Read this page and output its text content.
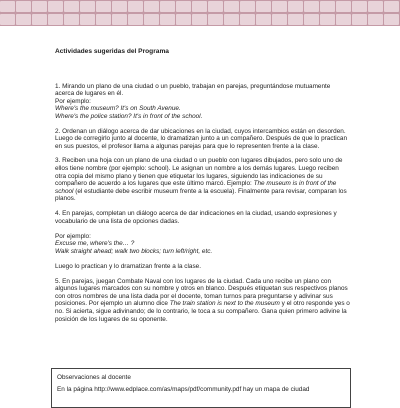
Actividades sugeridas del Programa

1. Mirando un plano de una ciudad o un pueblo, trabajan en parejas, preguntándose mutuamente acerca de lugares en él.
Por ejemplo:
Where's the museum? It's on South Avenue.
Where's the police station? It's in front of the school.

2. Ordenan un diálogo acerca de dar ubicaciones en la ciudad, cuyos intercambios están en desorden. Luego de corregirlo junto al docente, lo dramatizan junto a un compañero. Después de que lo practican en sus puestos, el profesor llama a algunas parejas para que lo representen frente a la clase.

3. Reciben una hoja con un plano de una ciudad o un pueblo con lugares dibujados, pero solo uno de ellos tiene nombre (por ejemplo: school). Le asignan un nombre a los demás lugares. Luego reciben otra copia del mismo plano y tienen que etiquetar los lugares, siguiendo las indicaciones de su compañero de acuerdo a los lugares que este último marcó. Ejemplo: The museum is in front of the school (el estudiante debe escribir museum frente a la escuela). Finalmente para revisar, comparan los planos.

4. En parejas, completan un diálogo acerca de dar indicaciones en la ciudad, usando expresiones y vocabulario de una lista de opciones dadas.

Por ejemplo:
Excuse me, where's the… ?
Walk straight ahead; walk two blocks; turn left/right, etc.

Luego lo practican y lo dramatizan frente a la clase.

5. En parejas, juegan Combate Naval con los lugares de la ciudad. Cada uno recibe un plano con algunos lugares marcados con su nombre y otros en blanco. Después etiquetan sus respectivos planos con otros nombres de una lista dada por el docente, toman turnos para preguntarse y adivinar sus posiciones. Por ejemplo un alumno dice The train station is next to the museum y el otro responde yes o no. Si acierta, sigue adivinando; de lo contrario, le toca a su compañero. Gana quien primero adivine la posición de los lugares de su oponente.

Observaciones al docente
En la página http://www.edplace.com/as/maps/pdf/community.pdf hay un mapa de ciudad
